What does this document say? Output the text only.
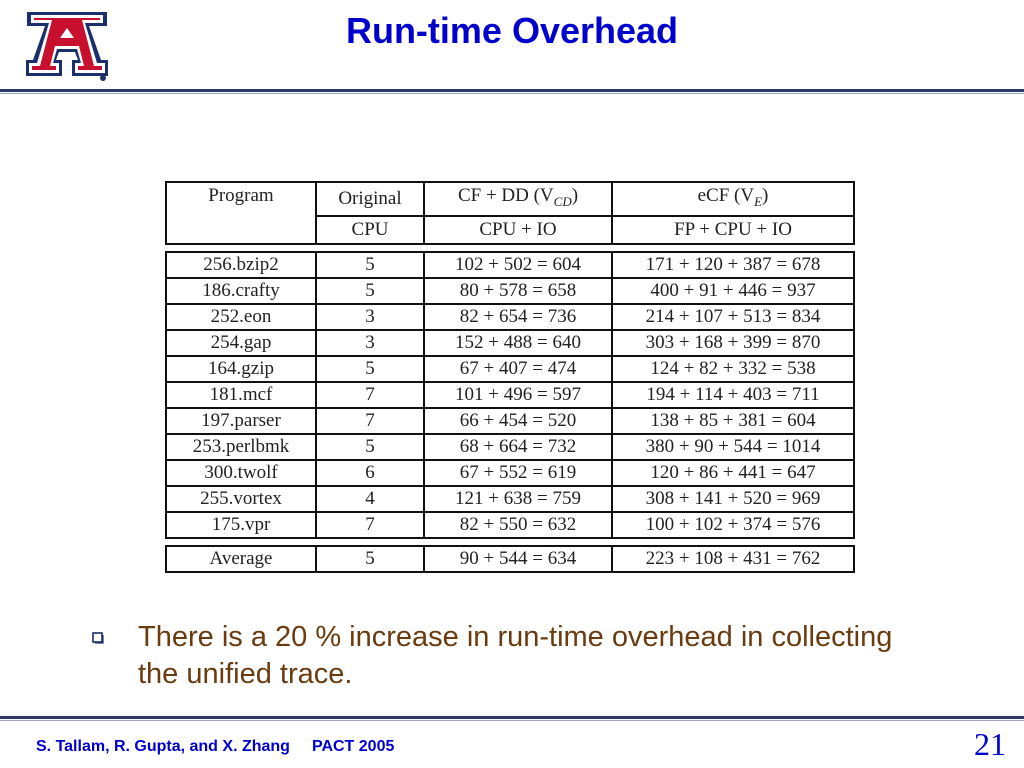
Run-time Overhead
Program	Original	CF + DD $(V_{CD})$	eCF $(V_E)$
	CPU	CPU + IO	FP + CPU + IO

256.bzip2	5	102 + 502 = 604	171 + 120 + 387 = 678
186.crafty	5	80 + 578 = 658	400 + 91 + 446 = 937
252.eon	3	82 + 654 = 736	214 + 107 + 513 = 834
254.gap	3	152 + 488 = 640	303 + 168 + 399 = 870
164.gzip	5	67 + 407 = 474	124 + 82 + 332 = 538
181.mcf	7	101 + 496 = 597	194 + 114 + 403 = 711
197.parser	7	66 + 454 = 520	138 + 85 + 381 = 604
253.perlbmk	5	68 + 664 = 732	380 + 90 + 544 = 1014
300.twolf	6	67 + 552 = 619	120 + 86 + 441 = 647
255.vortex	4	121 + 638 = 759	308 + 141 + 520 = 969
175.vpr	7	82 + 550 = 632	100 + 102 + 374 = 576

Average	5	90 + 544 = 634	223 + 108 + 431 = 762
There is a 20 % increase in run-time overhead in collecting the unified trace.
S. Tallam, R. Gupta, and X. Zhang PACT 2005	21
